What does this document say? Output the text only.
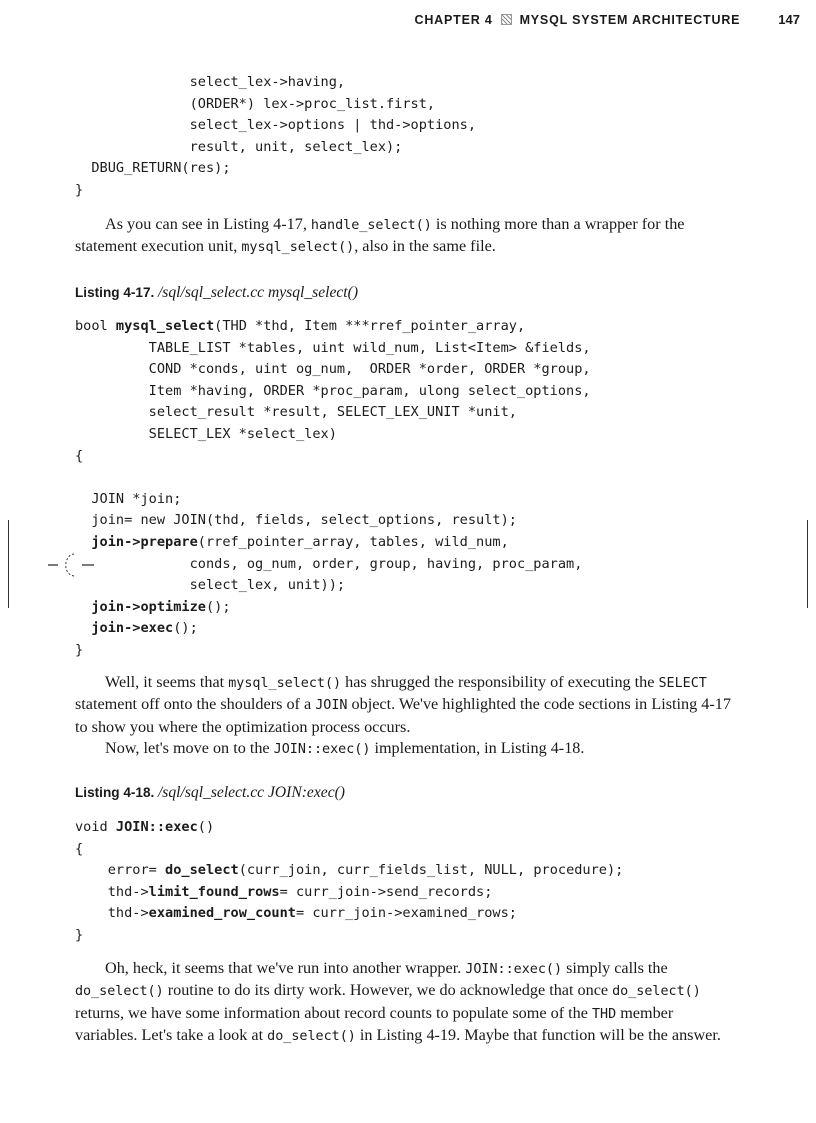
CHAPTER 4 MYSQL SYSTEM ARCHITECTURE	147
select_lex->having,
(ORDER*) lex->proc_list.first,
select_lex->options | thd->options,
result, unit, select_lex);
DBUG_RETURN(res);
}

As you can see in Listing 4-17, handle_select() is nothing more than a wrapper for the statement execution unit, mysql_select(), also in the same file.

Listing 4-17. /sql/sql_select.cc mysql_select()
bool mysql_select(THD *thd, Item ***rref_pointer_array,
TABLE_LIST *tables, uint wild_num, List<Item> &fields,
COND *conds, uint og_num,  ORDER *order, ORDER *group,
Item *having, ORDER *proc_param, ulong select_options,
select_result *result, SELECT_LEX_UNIT *unit,
SELECT_LEX *select_lex)
{
JOIN *join;
join= new JOIN(thd, fields, select_options, result);
join->prepare(rref_pointer_array, tables, wild_num,
conds, og_num, order, group, having, proc_param,
select_lex, unit));
join->optimize();
join->exec();
}

Well, it seems that mysql_select() has shrugged the responsibility of executing the SELECT statement off onto the shoulders of a JOIN object. We've highlighted the code sections in Listing 4-17 to show you where the optimization process occurs.

Now, let's move on to the JOIN::exec() implementation, in Listing 4-18.

Listing 4-18. /sql/sql_select.cc JOIN:exec()
void JOIN::exec()
{
error= do_select(curr_join, curr_fields_list, NULL, procedure);
thd->limit_found_rows= curr_join->send_records;
thd->examined_row_count= curr_join->examined_rows;
}

Oh, heck, it seems that we've run into another wrapper. JOIN::exec() simply calls the do_select() routine to do its dirty work. However, we do acknowledge that once do_select() returns, we have some information about record counts to populate some of the THD member variables. Let's take a look at do_select() in Listing 4-19. Maybe that function will be the answer.
